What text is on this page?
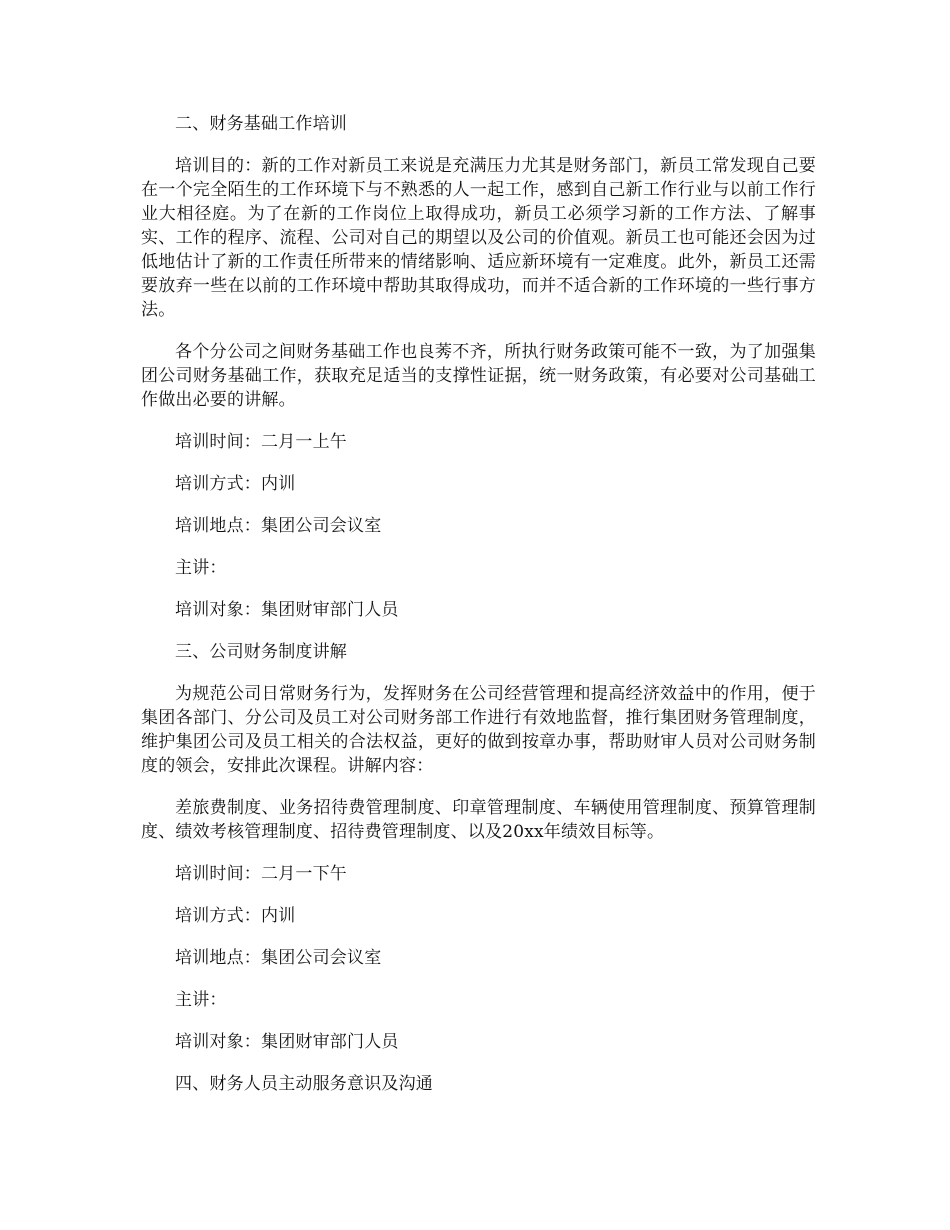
二、财务基础工作培训

培训目的：新的工作对新员工来说是充满压力尤其是财务部门，新员工常发现自己要在一个完全陌生的工作环境下与不熟悉的人一起工作，感到自己新工作行业与以前工作行业大相径庭。为了在新的工作岗位上取得成功，新员工必须学习新的工作方法、了解事实、工作的程序、流程、公司对自己的期望以及公司的价值观。新员工也可能还会因为过低地估计了新的工作责任所带来的情绪影响、适应新环境有一定难度。此外，新员工还需要放弃一些在以前的工作环境中帮助其取得成功，而并不适合新的工作环境的一些行事方法。

各个分公司之间财务基础工作也良莠不齐，所执行财务政策可能不一致，为了加强集团公司财务基础工作，获取充足适当的支撑性证据，统一财务政策，有必要对公司基础工作做出必要的讲解。

培训时间：二月一上午

培训方式：内训

培训地点：集团公司会议室

主讲：

培训对象：集团财审部门人员

三、公司财务制度讲解

为规范公司日常财务行为，发挥财务在公司经营管理和提高经济效益中的作用，便于集团各部门、分公司及员工对公司财务部工作进行有效地监督，推行集团财务管理制度，维护集团公司及员工相关的合法权益，更好的做到按章办事，帮助财审人员对公司财务制度的领会，安排此次课程。讲解内容：

差旅费制度、业务招待费管理制度、印章管理制度、车辆使用管理制度、预算管理制度、绩效考核管理制度、招待费管理制度、以及20xx年绩效目标等。

培训时间：二月一下午

培训方式：内训

培训地点：集团公司会议室

主讲：

培训对象：集团财审部门人员

四、财务人员主动服务意识及沟通
